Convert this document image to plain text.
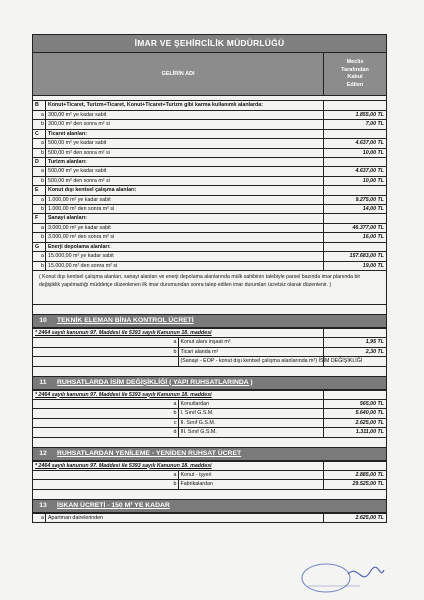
İMAR VE ŞEHİRCİLİK MÜDÜRLÜĞÜ
GELİRİN ADI
Meclis
Tarafından
Kabul
Edilen
B	Konut+Ticaret, Turizm+Ticaret, Konut+Ticaret+Turizm gibi karma kullanımlı alanlarda:	
a	300,00 m² ye kadar sabit	1.855,00 TL
b	300,00 m² den sonra m² si	7,00 TL
C	Ticaret alanları:	
a	500,00 m² ye kadar sabit	4.637,00 TL
b	500,00 m² den sonra m² si	10,00 TL
D	Turizm alanları:	
a	500,00 m² ye kadar sabit	4.637,00 TL
b	500,00 m² den sonra m² si	10,00 TL
E	Konut dışı kentsel çalışma alanları:	
a	1.000,00 m² ye kadar sabit	9.275,00 TL
b	1.000,00 m² den sonra m² si	14,00 TL
F	Sanayi alanları:	
a	3.000,00 m² ye kadar sabit	46.377,00 TL
b	3.000,00 m² den sonra m² si	16,00 TL
G	Enerji depolama alanları:	
a	15.000,00 m² ye kadar sabit	157.683,00 TL
b	15.000,00 m² den sonra m² si	19,00 TL
( Konut dışı kentsel çalışma alanları, sanayi alanları ve enerji depolama alanlarında mülk sahibinin talebiyle parsel bazında imar planında bir değişiklik yapılmadığı müddetçe düzenlenen ilk imar durumundan sonra talep edilen imar durumları ücretsiz olarak düzenlenir. )
10	TEKNİK ELEMAN BİNA KONTROL ÜCRETİ
* 2464 sayılı kanunun 97. Maddesi ile 5393 sayılı Kanunun 18. maddesi		
a	Konut alanı inşaat m²	1,95 TL
b	Ticari alanda m²	2,30 TL
	(Sanayi - EOP - konut dışı kentsel çalışma alanlarında m²) İSİM DEĞİŞİKLİĞİ	
11	RUHSATLARDA İSİM DEĞİŞİKLİĞİ ( YAPI RUHSATLARINDA )
* 2464 sayılı kanunun 97. Maddesi ile 5393 sayılı Kanunun 18. maddesi		
a	Konutlardan	565,00 TL
b	I. Sınıf G.S.M.	5.640,00 TL
c	II. Sınıf G.S.M.	2.625,00 TL
d	III. Sınıf G.S.M.	1.311,00 TL
12	RUHSATLARDAN YENİLEME - YENİDEN RUHSAT ÜCRET
* 2464 sayılı kanunun 97. Maddesi ile 5393 sayılı Kanunun 18. maddesi		
a	Konut - işyeri	2.885,00 TL
b	Fabrikalardan	29.525,00 TL
13	İSKAN ÜCRETİ - 150 M² YE KADAR
a	Apartman dairelerinden	2.625,00 TL
